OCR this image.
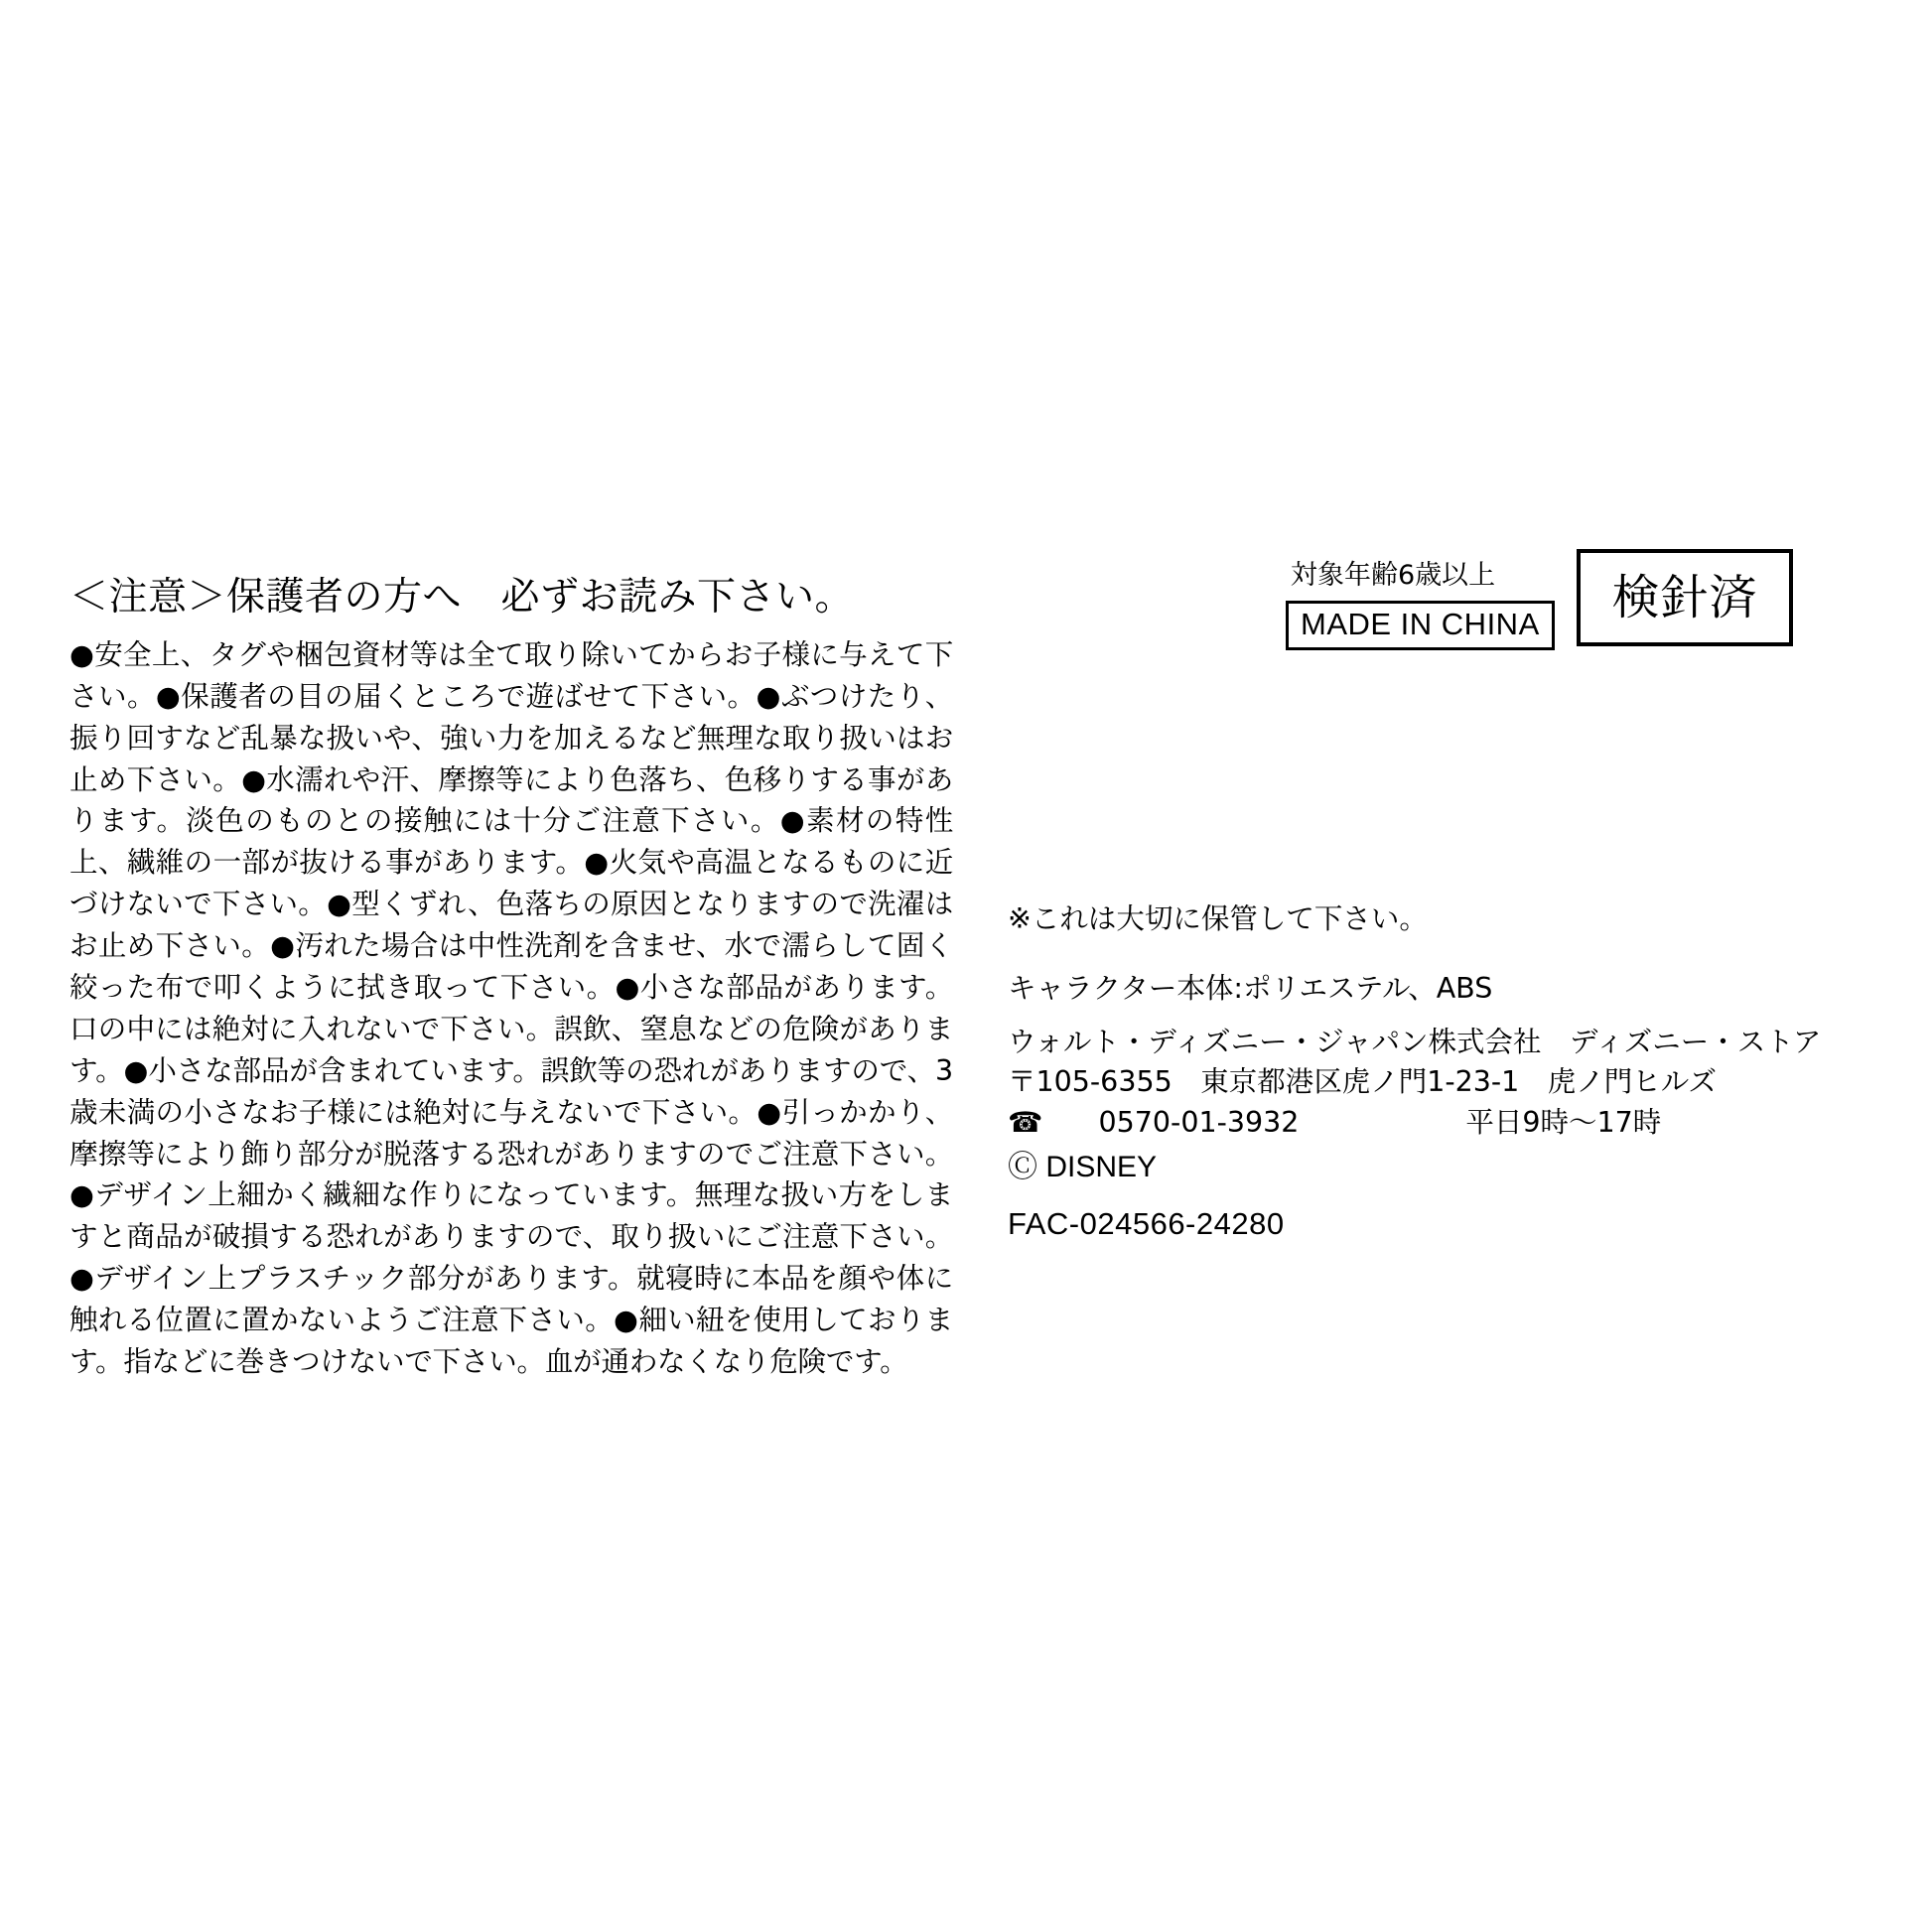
＜注意＞保護者の方へ　必ずお読み下さい。
●安全上、タグや梱包資材等は全て取り除いてからお子様に与えて下さい。●保護者の目の届くところで遊ばせて下さい。●ぶつけたり、振り回すなど乱暴な扱いや、強い力を加えるなど無理な取り扱いはお止め下さい。●水濡れや汗、摩擦等により色落ち、色移りする事があります。淡色のものとの接触には十分ご注意下さい。●素材の特性上、繊維の一部が抜ける事があります。●火気や高温となるものに近づけないで下さい。●型くずれ、色落ちの原因となりますので洗濯はお止め下さい。●汚れた場合は中性洗剤を含ませ、水で濡らして固く絞った布で叩くように拭き取って下さい。●小さな部品があります。口の中には絶対に入れないで下さい。誤飲、窒息などの危険があります。●小さな部品が含まれています。誤飲等の恐れがありますので、3歳未満の小さなお子様には絶対に与えないで下さい。●引っかかり、摩擦等により飾り部分が脱落する恐れがありますのでご注意下さい。●デザイン上細かく繊細な作りになっています。無理な扱い方をしますと商品が破損する恐れがありますので、取り扱いにご注意下さい。●デザイン上プラスチック部分があります。就寝時に本品を顔や体に触れる位置に置かないようご注意下さい。●細い紐を使用しております。指などに巻きつけないで下さい。血が通わなくなり危険です。
対象年齢6歳以上
MADE IN CHINA	検針済
※これは大切に保管して下さい。
キャラクター本体:ポリエステル、ABS
ウォルト・ディズニー・ジャパン株式会社　ディズニー・ストア
〒105-6355　東京都港区虎ノ門1-23-1　虎ノ門ヒルズ
☎ 0570-01-3932	平日9時～17時
Ⓒ DISNEY
FAC-024566-24280
